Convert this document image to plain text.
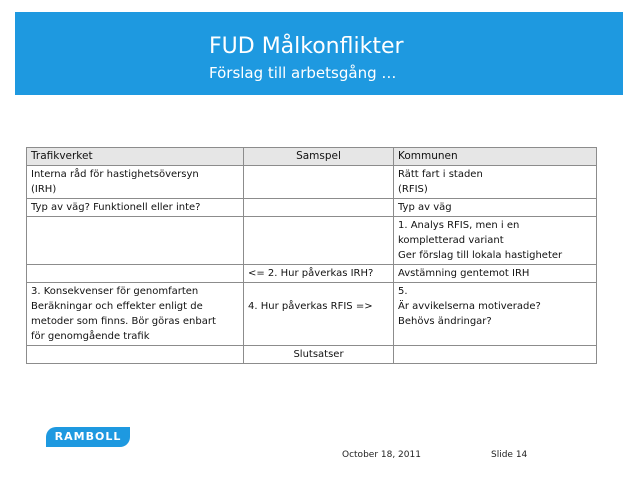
FUD Målkonflikter
Förslag till arbetsgång …
Trafikverket	Samspel	Kommunen

Interna råd för hastighetsöversyn
(IRH)		Rätt fart i staden
(RFIS)

Typ av väg? Funktionell eller inte?		Typ av väg

		1. Analys RFIS, men i en
kompletterad variant
Ger förslag till lokala hastigheter

	<= 2. Hur påverkas IRH?	Avstämning gentemot IRH

3. Konsekvenser för genomfarten
Beräkningar och effekter enligt de
metoder som finns. Bör göras enbart
för genomgående trafik	4. Hur påverkas RFIS =>	5.
Är avvikelserna motiverade?
Behövs ändringar?

	Slutsatser	

RAMBOLL
October 18, 2011	Slide 14
